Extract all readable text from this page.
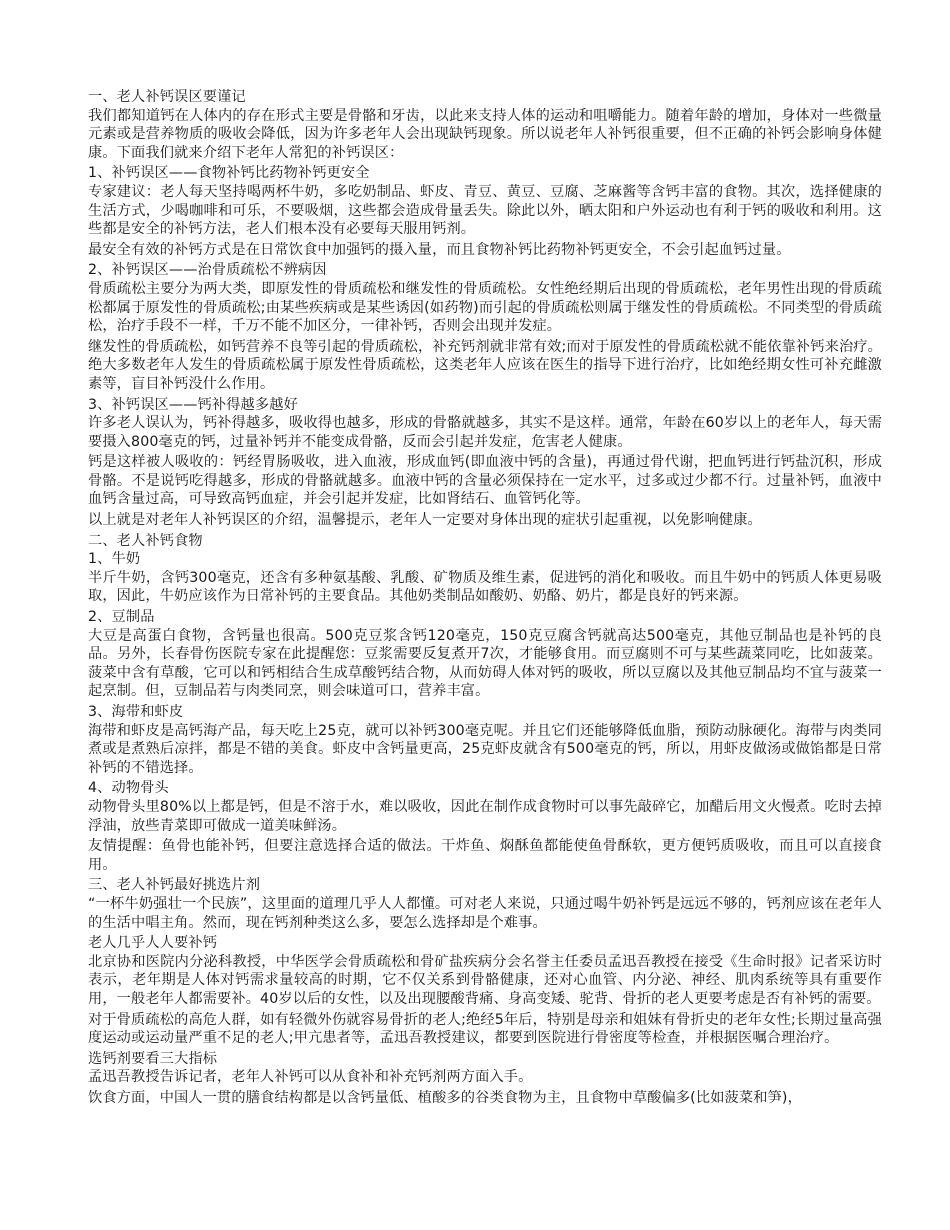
一、老人补钙误区要谨记

我们都知道钙在人体内的存在形式主要是骨骼和牙齿，以此来支持人体的运动和咀嚼能力。随着年龄的增加，身体对一些微量元素或是营养物质的吸收会降低，因为许多老年人会出现缺钙现象。所以说老年人补钙很重要，但不正确的补钙会影响身体健康。下面我们就来介绍下老年人常犯的补钙误区：

1、补钙误区——食物补钙比药物补钙更安全

专家建议：老人每天坚持喝两杯牛奶，多吃奶制品、虾皮、青豆、黄豆、豆腐、芝麻酱等含钙丰富的食物。其次，选择健康的生活方式，少喝咖啡和可乐，不要吸烟，这些都会造成骨量丢失。除此以外，晒太阳和户外运动也有利于钙的吸收和利用。这些都是安全的补钙方法，老人们根本没有必要每天服用钙剂。

最安全有效的补钙方式是在日常饮食中加强钙的摄入量，而且食物补钙比药物补钙更安全，不会引起血钙过量。

2、补钙误区——治骨质疏松不辨病因

骨质疏松主要分为两大类，即原发性的骨质疏松和继发性的骨质疏松。女性绝经期后出现的骨质疏松，老年男性出现的骨质疏松都属于原发性的骨质疏松;由某些疾病或是某些诱因(如药物)而引起的骨质疏松则属于继发性的骨质疏松。不同类型的骨质疏松，治疗手段不一样，千万不能不加区分，一律补钙，否则会出现并发症。

继发性的骨质疏松，如钙营养不良等引起的骨质疏松，补充钙剂就非常有效;而对于原发性的骨质疏松就不能依靠补钙来治疗。绝大多数老年人发生的骨质疏松属于原发性骨质疏松，这类老年人应该在医生的指导下进行治疗，比如绝经期女性可补充雌激素等，盲目补钙没什么作用。

3、补钙误区——钙补得越多越好

许多老人误认为，钙补得越多，吸收得也越多，形成的骨骼就越多，其实不是这样。通常，年龄在60岁以上的老年人，每天需要摄入800毫克的钙，过量补钙并不能变成骨骼，反而会引起并发症，危害老人健康。

钙是这样被人吸收的：钙经胃肠吸收，进入血液，形成血钙(即血液中钙的含量)，再通过骨代谢，把血钙进行钙盐沉积，形成骨骼。不是说钙吃得越多，形成的骨骼就越多。血液中钙的含量必须保持在一定水平，过多或过少都不行。过量补钙，血液中血钙含量过高，可导致高钙血症，并会引起并发症，比如肾结石、血管钙化等。

以上就是对老年人补钙误区的介绍，温馨提示，老年人一定要对身体出现的症状引起重视，以免影响健康。

二、老人补钙食物
1、牛奶

半斤牛奶，含钙300毫克，还含有多种氨基酸、乳酸、矿物质及维生素，促进钙的消化和吸收。而且牛奶中的钙质人体更易吸取，因此，牛奶应该作为日常补钙的主要食品。其他奶类制品如酸奶、奶酪、奶片，都是良好的钙来源。

2、豆制品

大豆是高蛋白食物，含钙量也很高。500克豆浆含钙120毫克，150克豆腐含钙就高达500毫克，其他豆制品也是补钙的良品。另外，长春骨伤医院专家在此提醒您：豆浆需要反复煮开7次，才能够食用。而豆腐则不可与某些蔬菜同吃，比如菠菜。菠菜中含有草酸，它可以和钙相结合生成草酸钙结合物，从而妨碍人体对钙的吸收，所以豆腐以及其他豆制品均不宜与菠菜一起烹制。但，豆制品若与肉类同烹，则会味道可口，营养丰富。

3、海带和虾皮

海带和虾皮是高钙海产品，每天吃上25克，就可以补钙300毫克呢。并且它们还能够降低血脂，预防动脉硬化。海带与肉类同煮或是煮熟后凉拌，都是不错的美食。虾皮中含钙量更高，25克虾皮就含有500毫克的钙，所以，用虾皮做汤或做馅都是日常补钙的不错选择。

4、动物骨头

动物骨头里80%以上都是钙，但是不溶于水，难以吸收，因此在制作成食物时可以事先敲碎它，加醋后用文火慢煮。吃时去掉浮油，放些青菜即可做成一道美味鲜汤。

友情提醒：鱼骨也能补钙，但要注意选择合适的做法。干炸鱼、焖酥鱼都能使鱼骨酥软，更方便钙质吸收，而且可以直接食用。

三、老人补钙最好挑选片剂

“一杯牛奶强壮一个民族”，这里面的道理几乎人人都懂。可对老人来说，只通过喝牛奶补钙是远远不够的，钙剂应该在老年人的生活中唱主角。然而，现在钙剂种类这么多，要怎么选择却是个难事。

老人几乎人人要补钙

北京协和医院内分泌科教授，中华医学会骨质疏松和骨矿盐疾病分会名誉主任委员孟迅吾教授在接受《生命时报》记者采访时表示，老年期是人体对钙需求量较高的时期，它不仅关系到骨骼健康，还对心血管、内分泌、神经、肌肉系统等具有重要作用，一般老年人都需要补。40岁以后的女性，以及出现腰酸背痛、身高变矮、驼背、骨折的老人更要考虑是否有补钙的需要。

对于骨质疏松的高危人群，如有轻微外伤就容易骨折的老人;绝经5年后，特别是母亲和姐妹有骨折史的老年女性;长期过量高强度运动或运动量严重不足的老人;甲亢患者等，孟迅吾教授建议，都要到医院进行骨密度等检查，并根据医嘱合理治疗。

选钙剂要看三大指标

孟迅吾教授告诉记者，老年人补钙可以从食补和补充钙剂两方面入手。

饮食方面，中国人一贯的膳食结构都是以含钙量低、植酸多的谷类食物为主，且食物中草酸偏多(比如菠菜和笋)，
